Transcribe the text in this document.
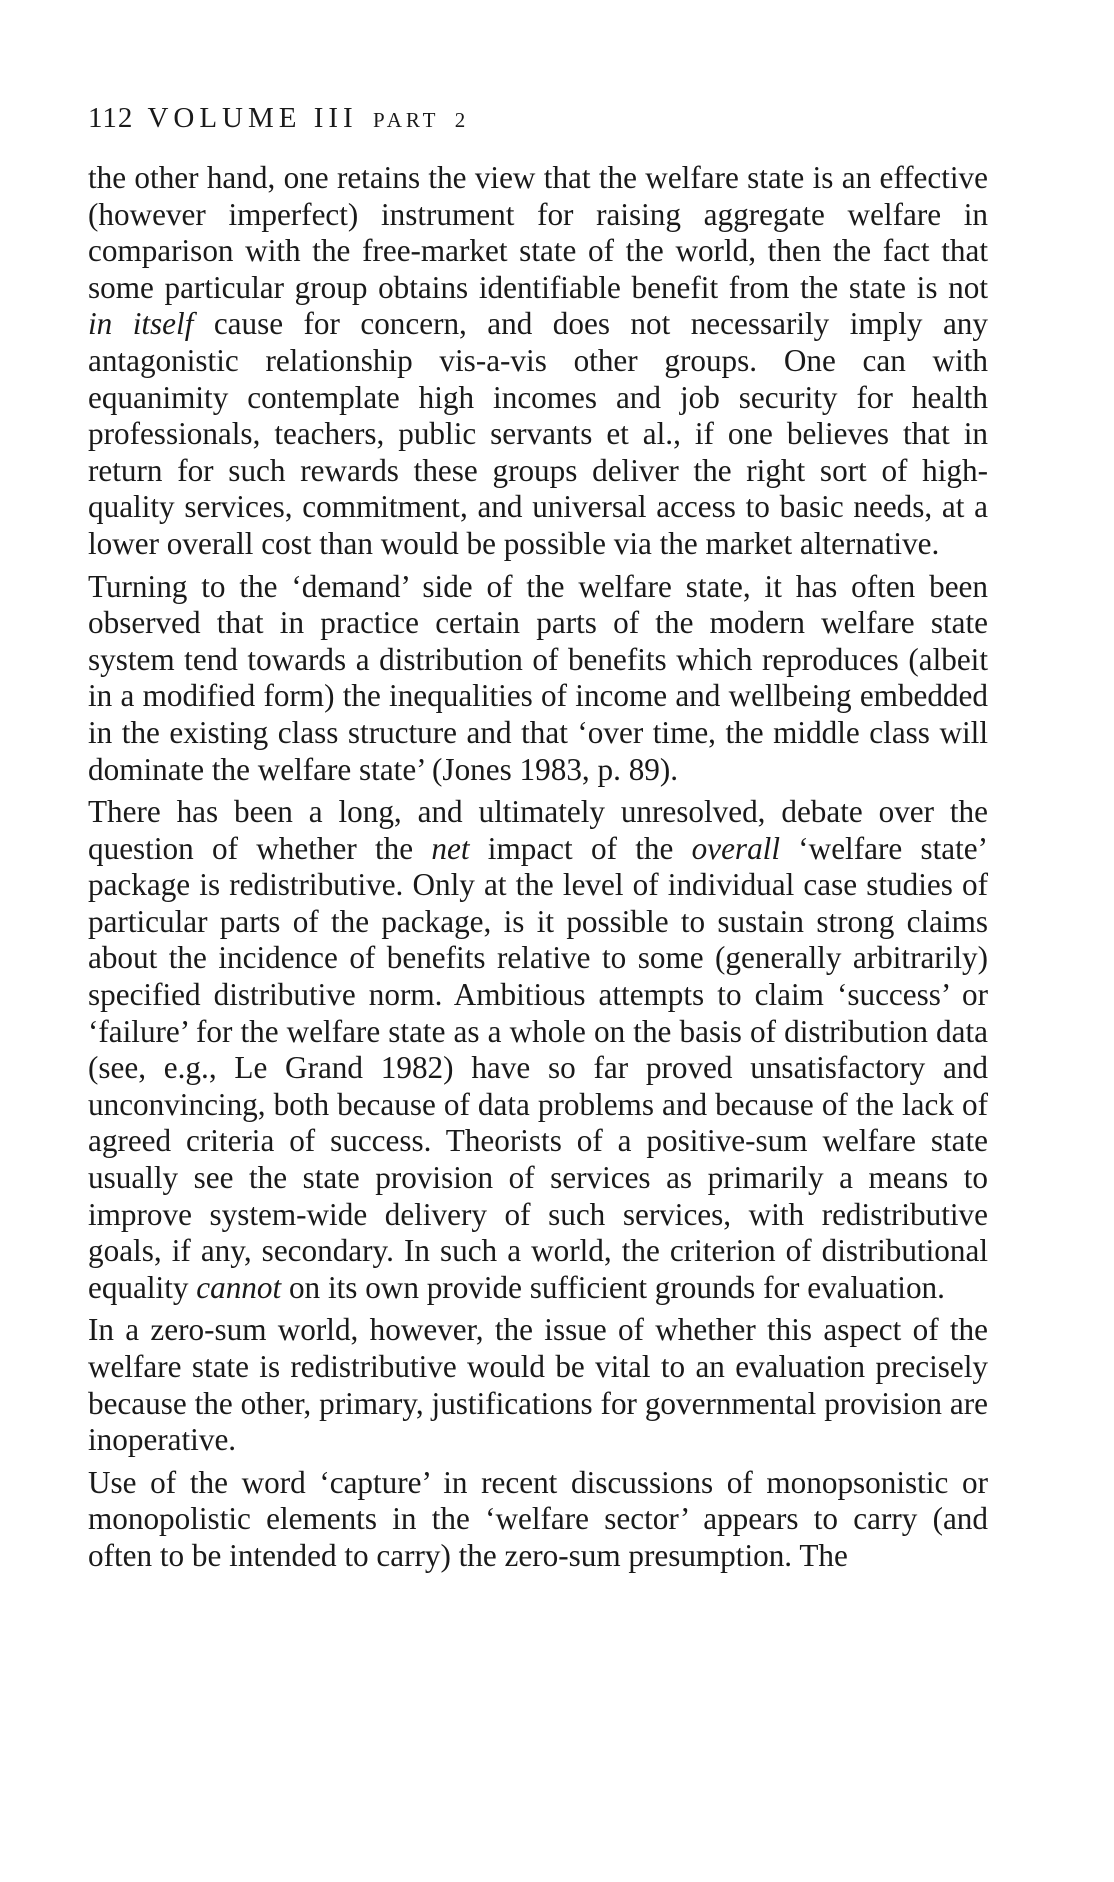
112 VOLUME III PART 2

the other hand, one retains the view that the welfare state is an effective (however imperfect) instrument for raising aggregate welfare in comparison with the free-market state of the world, then the fact that some particular group obtains identifiable benefit from the state is not in itself cause for concern, and does not necessarily imply any antagonistic relationship vis-a-vis other groups. One can with equanimity contemplate high incomes and job security for health professionals, teachers, public servants et al., if one believes that in return for such rewards these groups deliver the right sort of high-quality services, commitment, and universal access to basic needs, at a lower overall cost than would be possible via the market alternative.

Turning to the ‘demand’ side of the welfare state, it has often been observed that in practice certain parts of the modern welfare state system tend towards a distribution of benefits which reproduces (albeit in a modified form) the inequalities of income and wellbeing embedded in the existing class structure and that ‘over time, the middle class will dominate the welfare state’ (Jones 1983, p. 89).

There has been a long, and ultimately unresolved, debate over the question of whether the net impact of the overall ‘welfare state’ package is redistributive. Only at the level of individual case studies of particular parts of the package, is it possible to sustain strong claims about the incidence of benefits relative to some (generally arbitrarily) specified distributive norm. Ambitious attempts to claim ‘success’ or ‘failure’ for the welfare state as a whole on the basis of distribution data (see, e.g., Le Grand 1982) have so far proved unsatisfactory and unconvincing, both because of data problems and because of the lack of agreed criteria of success. Theorists of a positive-sum welfare state usually see the state provision of services as primarily a means to improve system-wide delivery of such services, with redistributive goals, if any, secondary. In such a world, the criterion of distributional equality cannot on its own provide sufficient grounds for evaluation.

In a zero-sum world, however, the issue of whether this aspect of the welfare state is redistributive would be vital to an evaluation precisely because the other, primary, justifications for governmental provision are inoperative.

Use of the word ‘capture’ in recent discussions of monopsonistic or monopolistic elements in the ‘welfare sector’ appears to carry (and often to be intended to carry) the zero-sum presumption. The
